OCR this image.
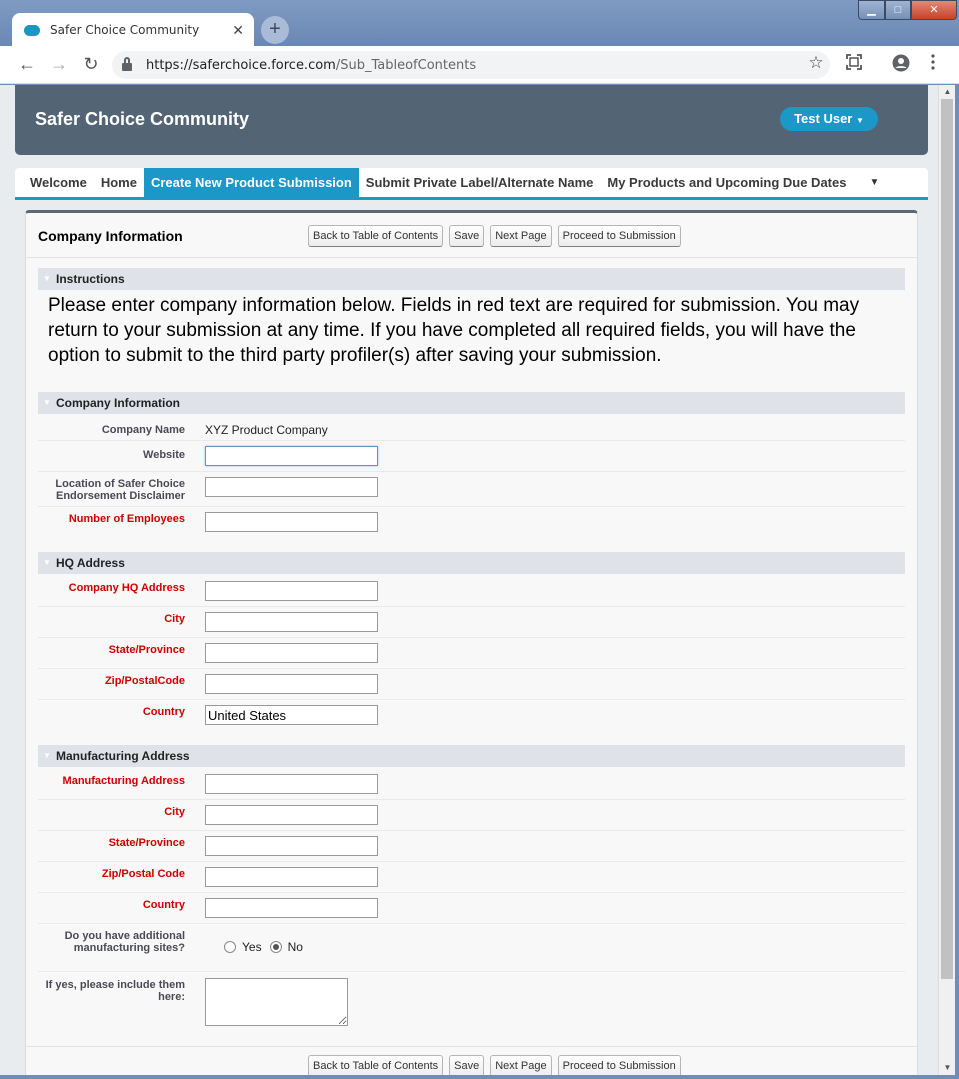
Safer Choice Community	✕	+
▁	□	✕
← → ↻	https://saferchoice.force.com/Sub_TableofContents	☆
Safer Choice Community	Test User ▼
Welcome	Home	Create New Product Submission	Submit Private Label/Alternate Name	My Products and Upcoming Due Dates	▼
Company Information	Back to Table of Contents	Save	Next Page	Proceed to Submission
▼ Instructions
Please enter company information below. Fields in red text are required for submission. You may return to your submission at any time. If you have completed all required fields, you will have the option to submit to the third party profiler(s) after saving your submission.
▼ Company Information
Company Name XYZ Product Company
Website
Location of Safer Choice Endorsement Disclaimer
Number of Employees
▼ HQ Address
Company HQ Address
City
State/Province
Zip/PostalCode
Country
United States
▼ Manufacturing Address
Manufacturing Address
City
State/Province
Zip/Postal Code
Country
Do you have additional manufacturing sites?	Yes No
If yes, please include them here:
Back to Table of Contents	Save	Next Page	Proceed to Submission
▲
▼
